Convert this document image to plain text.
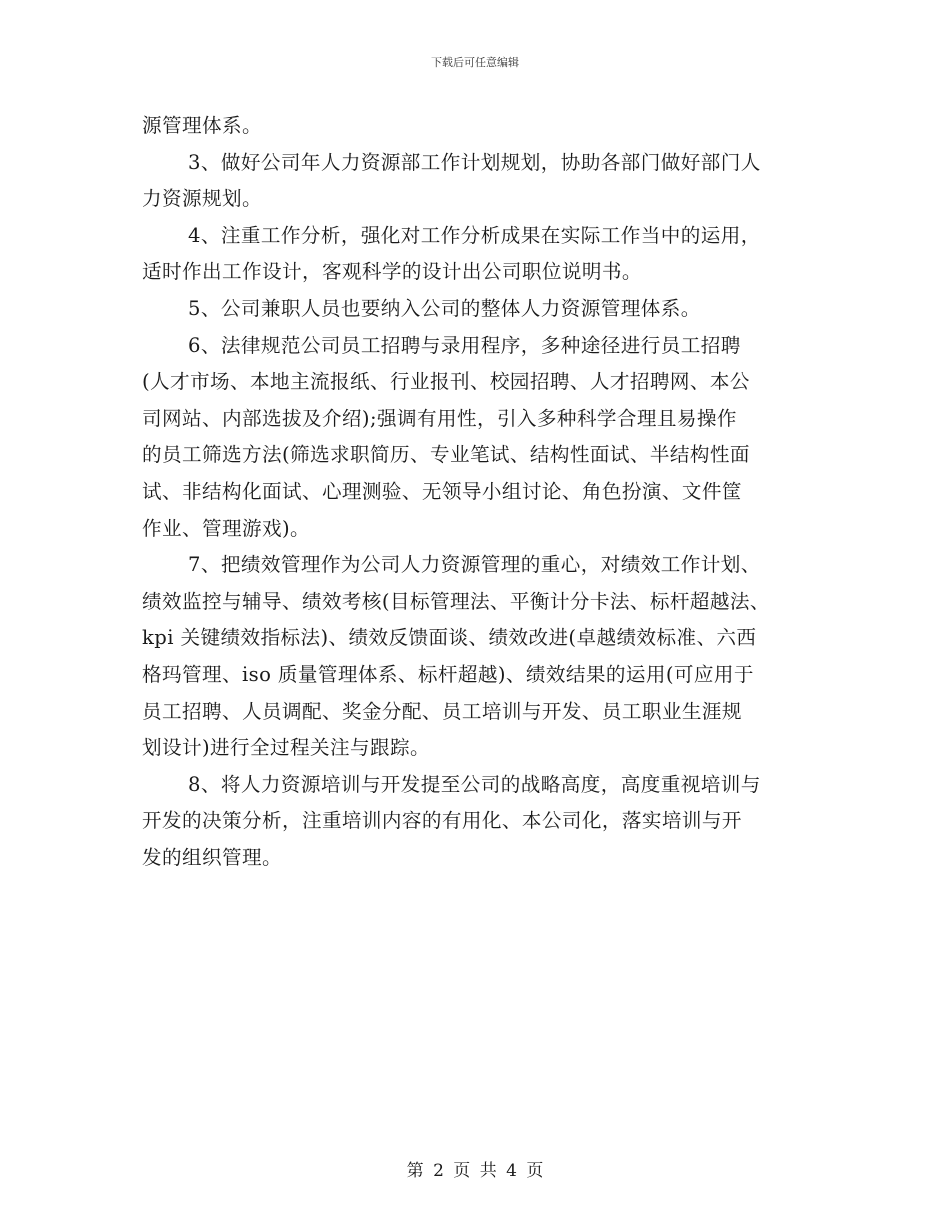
下载后可任意编辑
源管理体系。
3、做好公司年人力资源部工作计划规划，协助各部门做好部门人
力资源规划。
4、注重工作分析，强化对工作分析成果在实际工作当中的运用，
适时作出工作设计，客观科学的设计出公司职位说明书。
5、公司兼职人员也要纳入公司的整体人力资源管理体系。
6、法律规范公司员工招聘与录用程序，多种途径进行员工招聘
(人才市场、本地主流报纸、行业报刊、校园招聘、人才招聘网、本公
司网站、内部选拔及介绍);强调有用性，引入多种科学合理且易操作
的员工筛选方法(筛选求职简历、专业笔试、结构性面试、半结构性面
试、非结构化面试、心理测验、无领导小组讨论、角色扮演、文件筐
作业、管理游戏)。
7、把绩效管理作为公司人力资源管理的重心，对绩效工作计划、
绩效监控与辅导、绩效考核(目标管理法、平衡计分卡法、标杆超越法、
kpi 关键绩效指标法)、绩效反馈面谈、绩效改进(卓越绩效标准、六西
格玛管理、iso 质量管理体系、标杆超越)、绩效结果的运用(可应用于
员工招聘、人员调配、奖金分配、员工培训与开发、员工职业生涯规
划设计)进行全过程关注与跟踪。
8、将人力资源培训与开发提至公司的战略高度，高度重视培训与
开发的决策分析，注重培训内容的有用化、本公司化，落实培训与开
发的组织管理。
第 2 页 共 4 页
